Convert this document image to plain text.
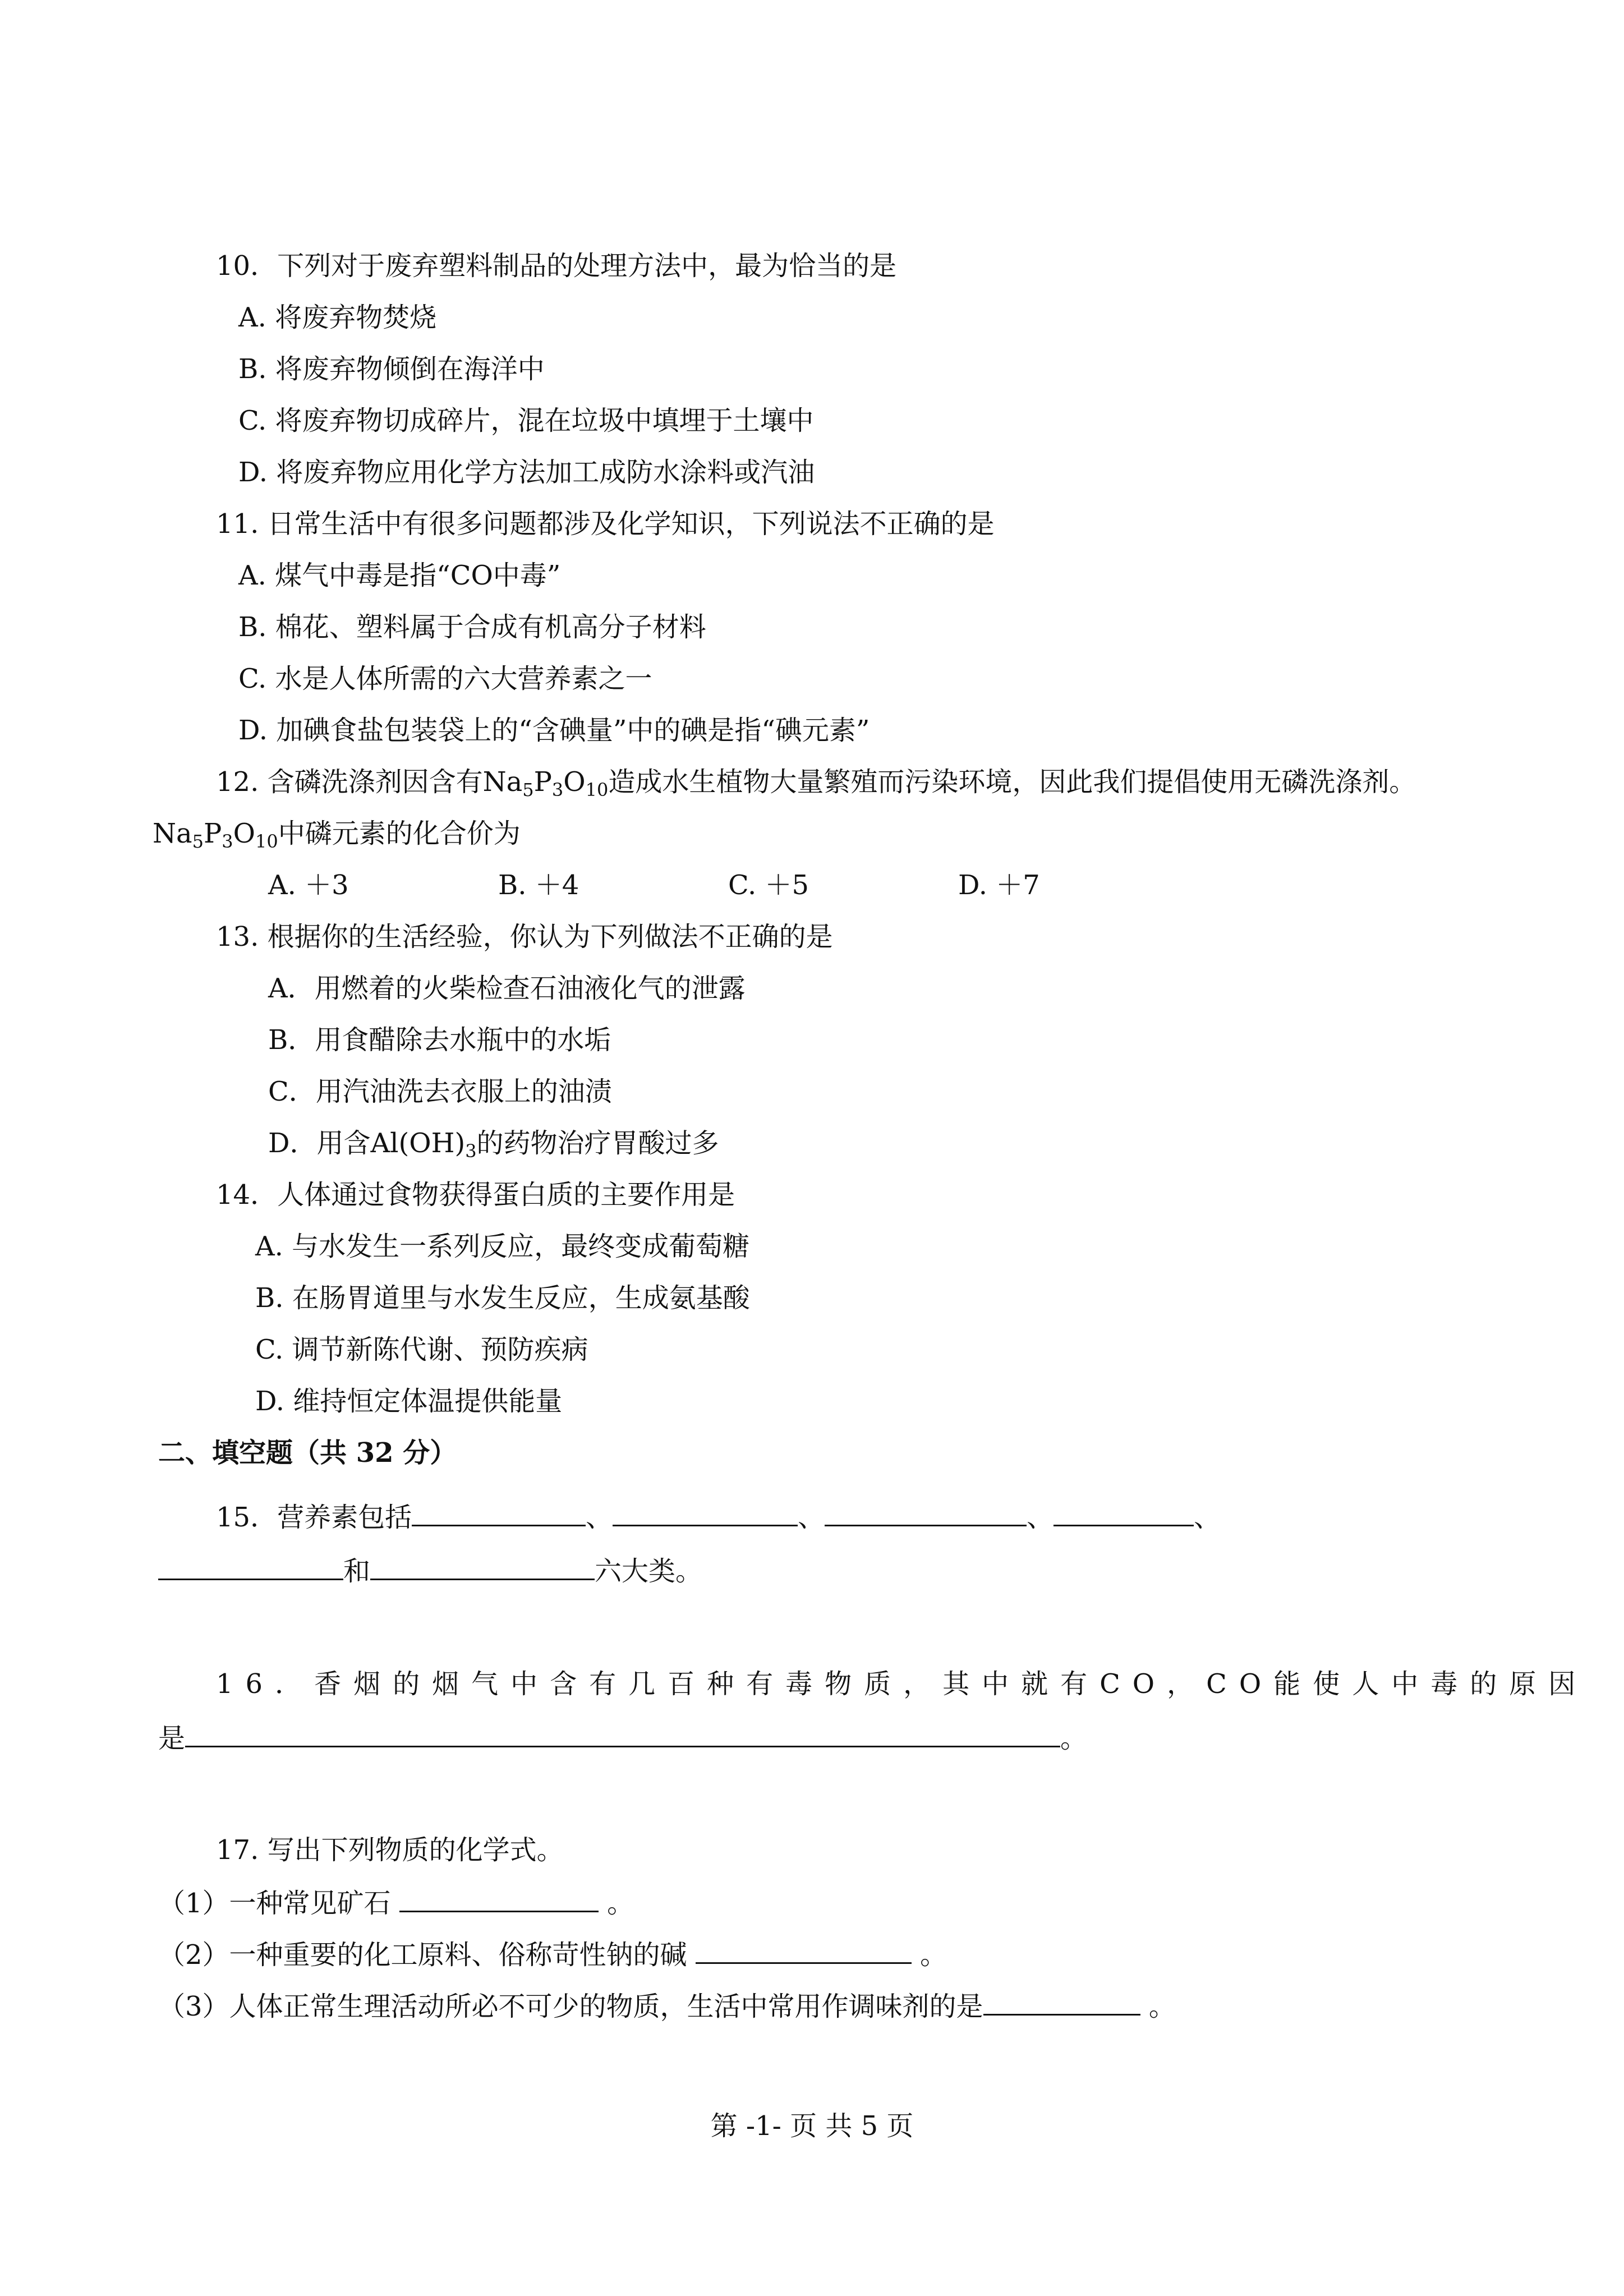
10．下列对于废弃塑料制品的处理方法中，最为恰当的是
A. 将废弃物焚烧
B. 将废弃物倾倒在海洋中
C. 将废弃物切成碎片，混在垃圾中填埋于土壤中
D. 将废弃物应用化学方法加工成防水涂料或汽油
11. 日常生活中有很多问题都涉及化学知识，下列说法不正确的是
A. 煤气中毒是指“CO中毒”
B. 棉花、塑料属于合成有机高分子材料
C. 水是人体所需的六大营养素之一
D. 加碘食盐包装袋上的“含碘量”中的碘是指“碘元素”
12. 含磷洗涤剂因含有$Na_5P_3O_{10}$造成水生植物大量繁殖而污染环境，因此我们提倡使用无磷洗涤剂。
$Na_5P_3O_{10}$中磷元素的化合价为
A. ＋3	B. ＋4	C. ＋5	D. ＋7
13. 根据你的生活经验，你认为下列做法不正确的是
A．用燃着的火柴检查石油液化气的泄露
B．用食醋除去水瓶中的水垢
C．用汽油洗去衣服上的油渍
D．用含$Al(OH)_3$的药物治疗胃酸过多
14．人体通过食物获得蛋白质的主要作用是
A. 与水发生一系列反应，最终变成葡萄糖
B. 在肠胃道里与水发生反应，生成氨基酸
C. 调节新陈代谢、预防疾病
D. 维持恒定体温提供能量
二、填空题（共 32 分）
15．营养素包括	、	、	、	、
和	六大类。
16．香烟的烟气中含有几百种有毒物质，其中就有CO，CO能使人中毒的原因
是	。
17. 写出下列物质的化学式。
（1）一种常见矿石	。
（2）一种重要的化工原料、俗称苛性钠的碱	。
（3）人体正常生理活动所必不可少的物质，生活中常用作调味剂的是	。
第 -1- 页 共 5 页
